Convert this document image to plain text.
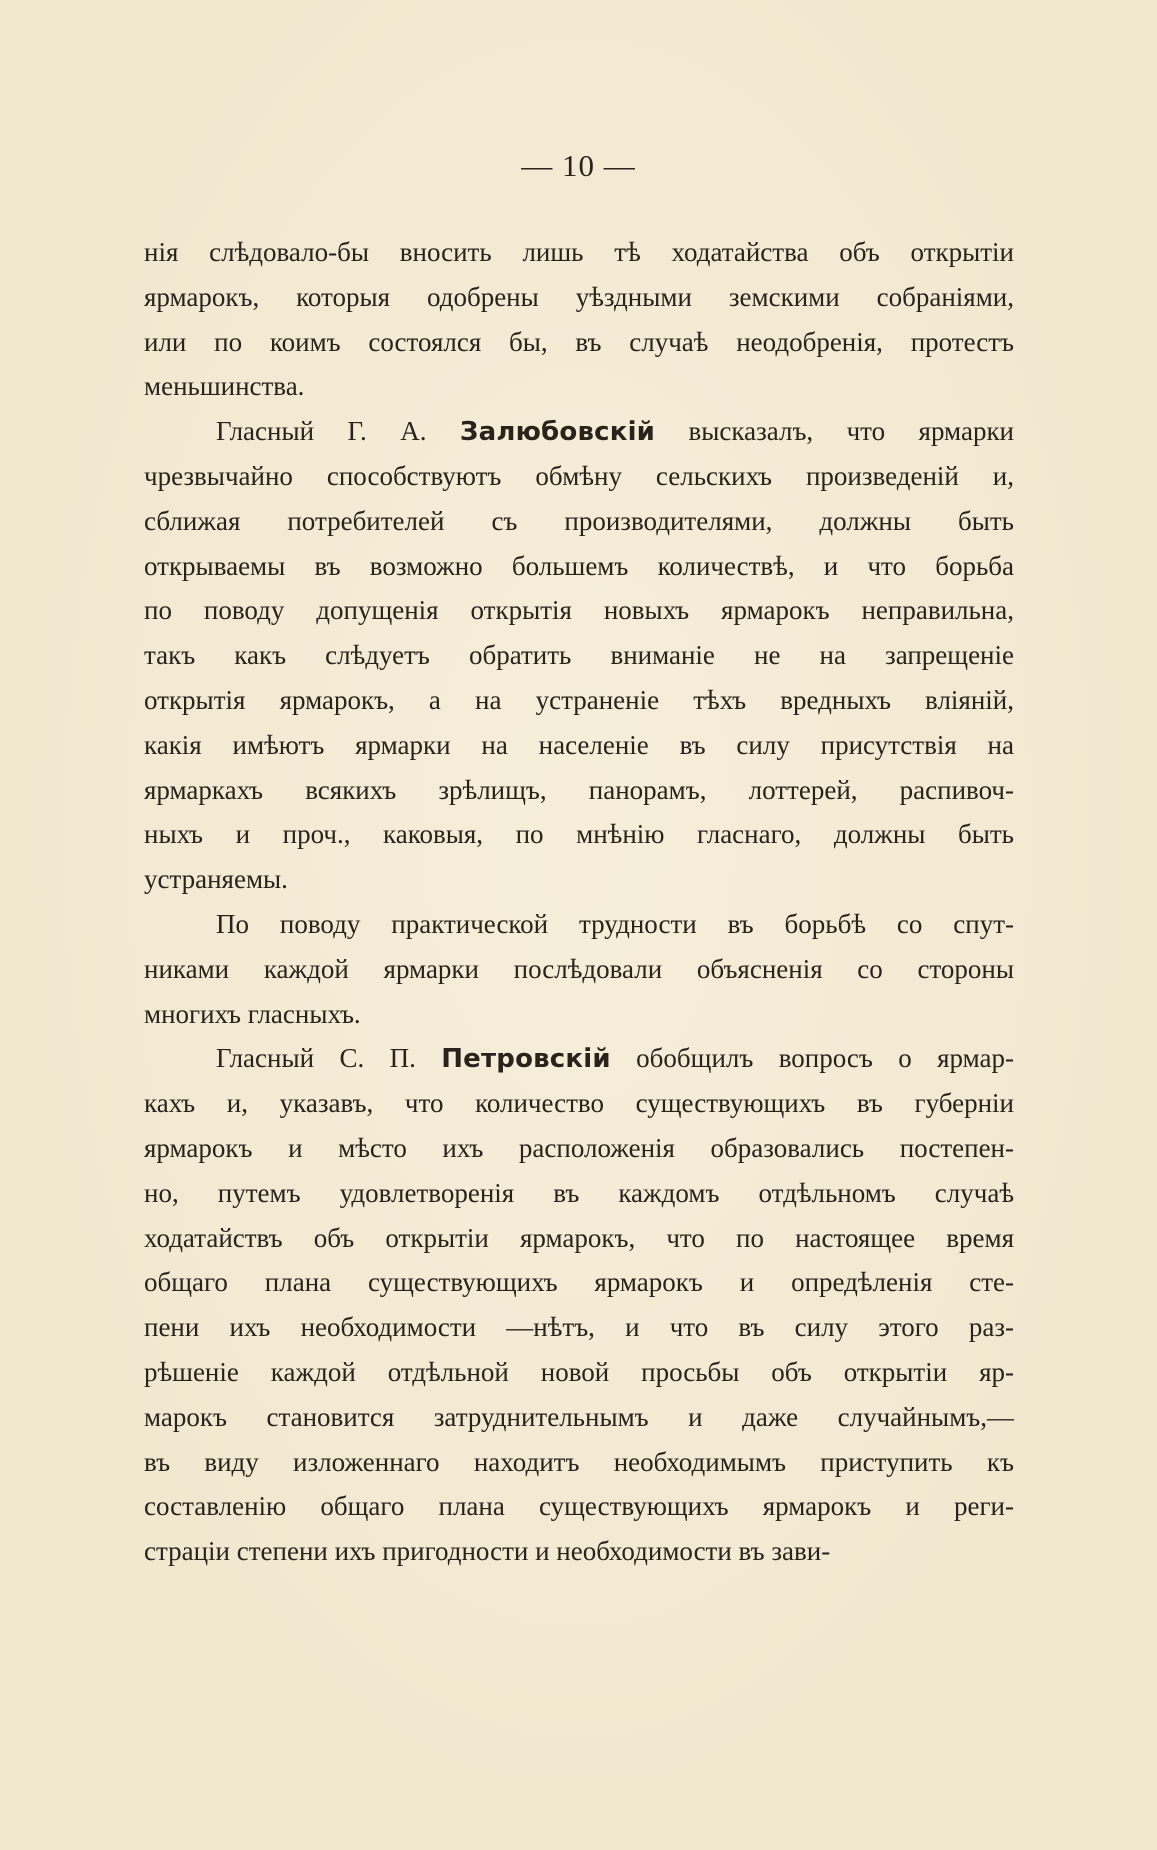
— 10 —
нія слѣдовало-бы вносить лишь тѣ ходатайства объ открытіи
ярмарокъ, которыя одобрены уѣздными земскими собраніями,
или по коимъ состоялся бы, въ случаѣ неодобренія, протестъ
меньшинства.
Гласный Г. А. Залюбовскій высказалъ, что ярмарки
чрезвычайно способствуютъ обмѣну сельскихъ произведеній и,
сближая потребителей съ производителями, должны быть
открываемы въ возможно большемъ количествѣ, и что борьба
по поводу допущенія открытія новыхъ ярмарокъ неправильна,
такъ какъ слѣдуетъ обратить вниманіе не на запрещеніе
открытія ярмарокъ, а на устраненіе тѣхъ вредныхъ вліяній,
какія имѣютъ ярмарки на населеніе въ силу присутствія на
ярмаркахъ всякихъ зрѣлищъ, панорамъ, лоттерей, распивоч-
ныхъ и проч., каковыя, по мнѣнію гласнаго, должны быть
устраняемы.
По поводу практической трудности въ борьбѣ со спут-
никами каждой ярмарки послѣдовали объясненія со стороны
многихъ гласныхъ.
Гласный С. П. Петровскій обобщилъ вопросъ о ярмар-
кахъ и, указавъ, что количество существующихъ въ губерніи
ярмарокъ и мѣсто ихъ расположенія образовались постепен-
но, путемъ удовлетворенія въ каждомъ отдѣльномъ случаѣ
ходатайствъ объ открытіи ярмарокъ, что по настоящее время
общаго плана существующихъ ярмарокъ и опредѣленія сте-
пени ихъ необходимости —нѣтъ, и что въ силу этого раз-
рѣшеніе каждой отдѣльной новой просьбы объ открытіи яр-
марокъ становится затруднительнымъ и даже случайнымъ,—
въ виду изложеннаго находитъ необходимымъ приступить къ
составленію общаго плана существующихъ ярмарокъ и реги-
страціи степени ихъ пригодности и необходимости въ зави-
